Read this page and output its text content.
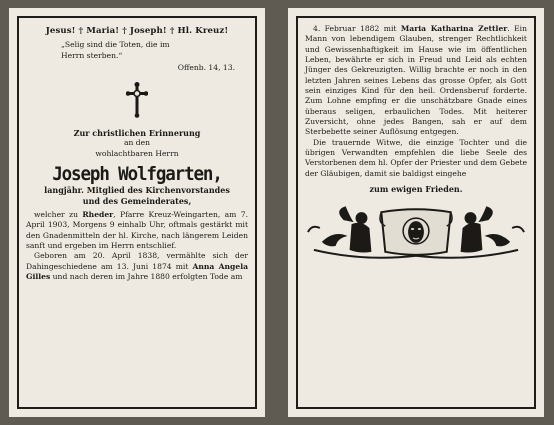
Jesus! † Maria! † Joseph! † Hl. Kreuz!
„Selig sind die Toten, die im
Herrn sterben.“
Offenb. 14, 13.
Zur christlichen Erinnerung
an den
wohlachtbaren Herrn
Joseph Wolfgarten,
langjähr. Mitglied des Kirchenvorstandes
und des Gemeinderates,
welcher zu Rheder, Pfarre Kreuz-Weingarten, am 7. April 1903, Morgens 9 einhalb Uhr, oftmals gestärkt mit den Gnadenmitteln der hl. Kirche, nach längerem Leiden sanft und ergeben im Herrn entschlief.
Geboren am 20. April 1838, vermählte sich der Dahingeschiedene am 13. Juni 1874 mit Anna Angela Gilles und nach deren im Jahre 1880 erfolgten Tode am
4. Februar 1882 mit Maria Katharina Zettler. Ein Mann von lebendigem Glauben, strenger Rechtlichkeit und Gewissenhaftigkeit im Hause wie im öffentlichen Leben, bewährte er sich in Freud und Leid als echten Jünger des Gekreuzigten. Willig brachte er noch in den letzten Jahren seines Lebens das grosse Opfer, als Gott sein einziges Kind für den heil. Ordensberuf forderte. Zum Lohne empfing er die unschätzbare Gnade eines überaus seligen, erbaulichen Todes. Mit heiterer Zuversicht, ohne jedes Bangen, sah er auf dem Sterbebette seiner Auflösung entgegen.
Die trauernde Witwe, die einzige Tochter und die übrigen Verwandten empfehlen die liebe Seele des Verstorbenen dem hl. Opfer der Priester und dem Gebete der Gläubigen, damit sie baldigst eingehe
zum ewigen Frieden.
